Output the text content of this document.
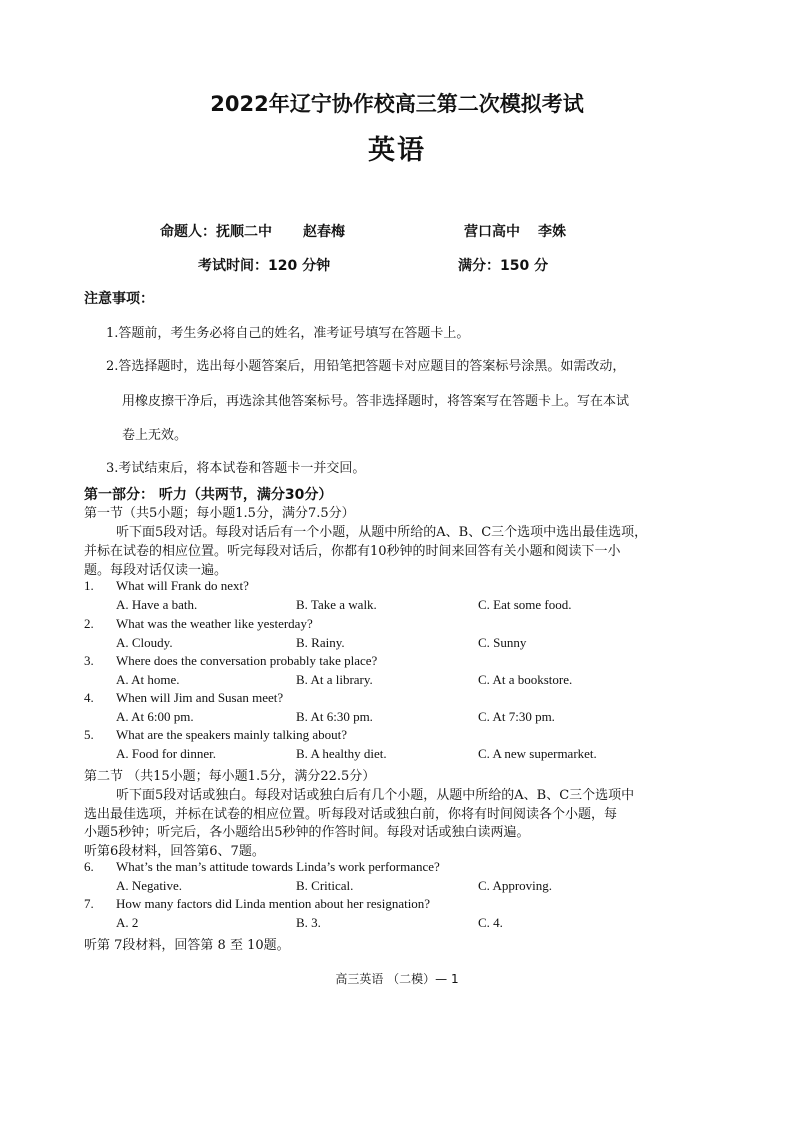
2022年辽宁协作校高三第二次模拟考试
英语
命题人：抚顺二中 赵春梅	营口高中 李姝
考试时间：120 分钟	满分：150 分
注意事项：
1.答题前，考生务必将自己的姓名，准考证号填写在答题卡上。
2.答选择题时，选出每小题答案后，用铅笔把答题卡对应题目的答案标号涂黑。如需改动，
用橡皮擦干净后，再选涂其他答案标号。答非选择题时，将答案写在答题卡上。写在本试
卷上无效。
3.考试结束后，将本试卷和答题卡一并交回。
第一部分： 听力（共两节，满分30分）
第一节（共5小题；每小题1.5分，满分7.5分）
听下面5段对话。每段对话后有一个小题，从题中所给的A、B、C三个选项中选出最佳选项，
并标在试卷的相应位置。听完每段对话后，你都有10秒钟的时间来回答有关小题和阅读下一小
题。每段对话仅读一遍。
1. What will Frank do next?
A. Have a bath.	B. Take a walk.	C. Eat some food.
2. What was the weather like yesterday?
A. Cloudy.	B. Rainy.	C. Sunny
3. Where does the conversation probably take place?
A. At home.	B. At a library.	C. At a bookstore.
4. When will Jim and Susan meet?
A. At 6:00 pm.	B. At 6:30 pm.	C. At 7:30 pm.
5. What are the speakers mainly talking about?
A. Food for dinner.	B. A healthy diet.	C. A new supermarket.
第二节 （共15小题；每小题1.5分，满分22.5分）
听下面5段对话或独白。每段对话或独白后有几个小题，从题中所给的A、B、C三个选项中
选出最佳选项，并标在试卷的相应位置。听每段对话或独白前，你将有时间阅读各个小题，每
小题5秒钟；听完后，各小题给出5秒钟的作答时间。每段对话或独白读两遍。
听第6段材料，回答第6、7题。
6. What’s the man’s attitude towards Linda’s work performance?
A. Negative.	B. Critical.	C. Approving.
7. How many factors did Linda mention about her resignation?
A. 2	B. 3.	C. 4.
听第 7段材料，回答第 8 至 10题。
高三英语 （二模）— 1
